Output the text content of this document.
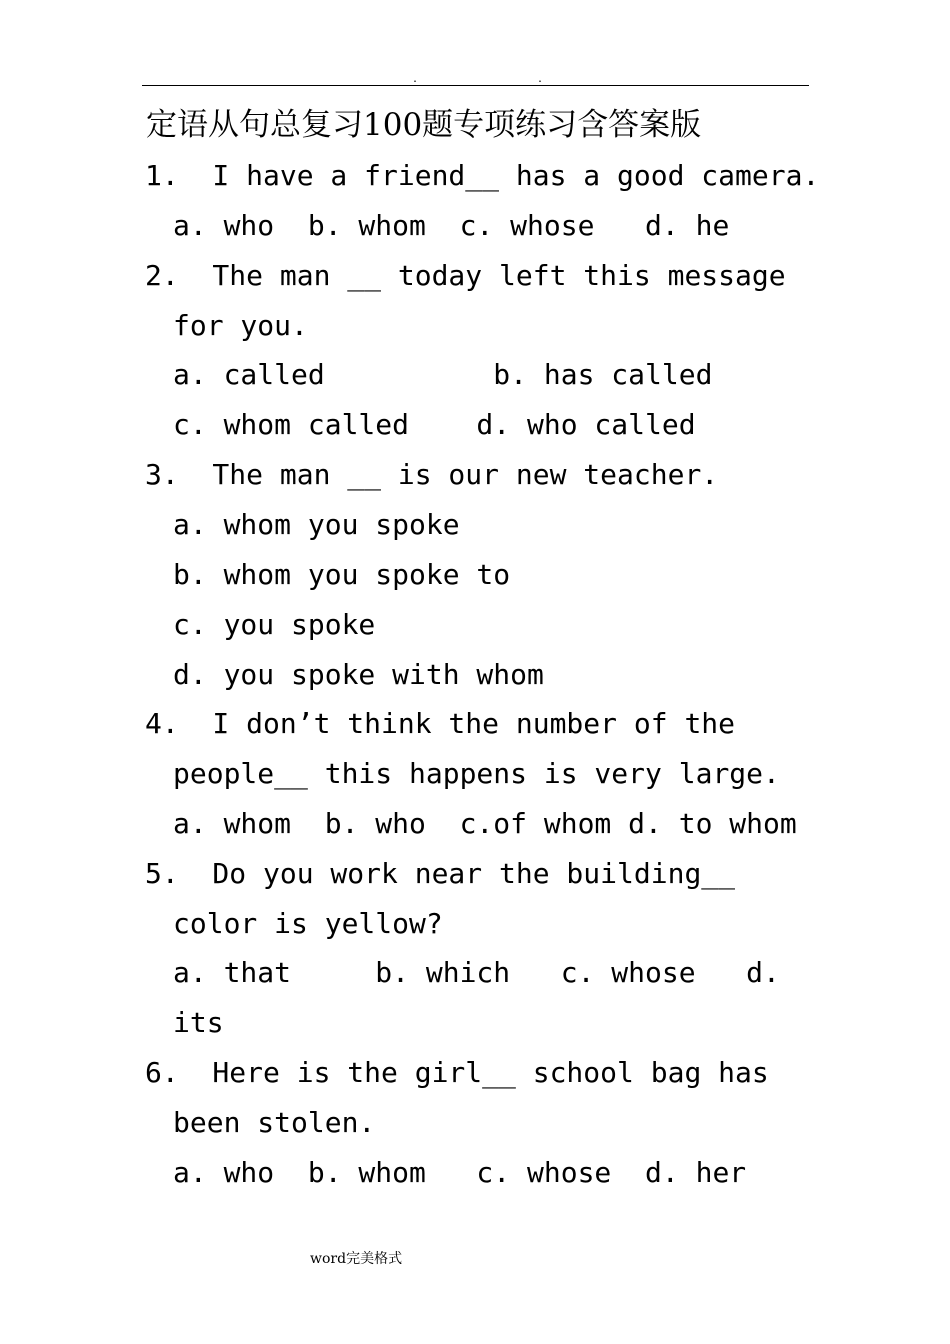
.	.
定语从句总复习100题专项练习含答案版
1.  I have a friend__ has a good camera.
a. who  b. whom  c. whose   d. he
2.  The man __ today left this message
for you.
a. called          b. has called
c. whom called    d. who called
3.  The man __ is our new teacher.
a. whom you spoke
b. whom you spoke to
c. you spoke
d. you spoke with whom
4.  I don’t think the number of the
people__ this happens is very large.
a. whom  b. who  c.of whom d. to whom
5.  Do you work near the building__
color is yellow?
a. that     b. which   c. whose   d.
its
6.  Here is the girl__ school bag has
been stolen.
a. who  b. whom   c. whose  d. her
word完美格式
